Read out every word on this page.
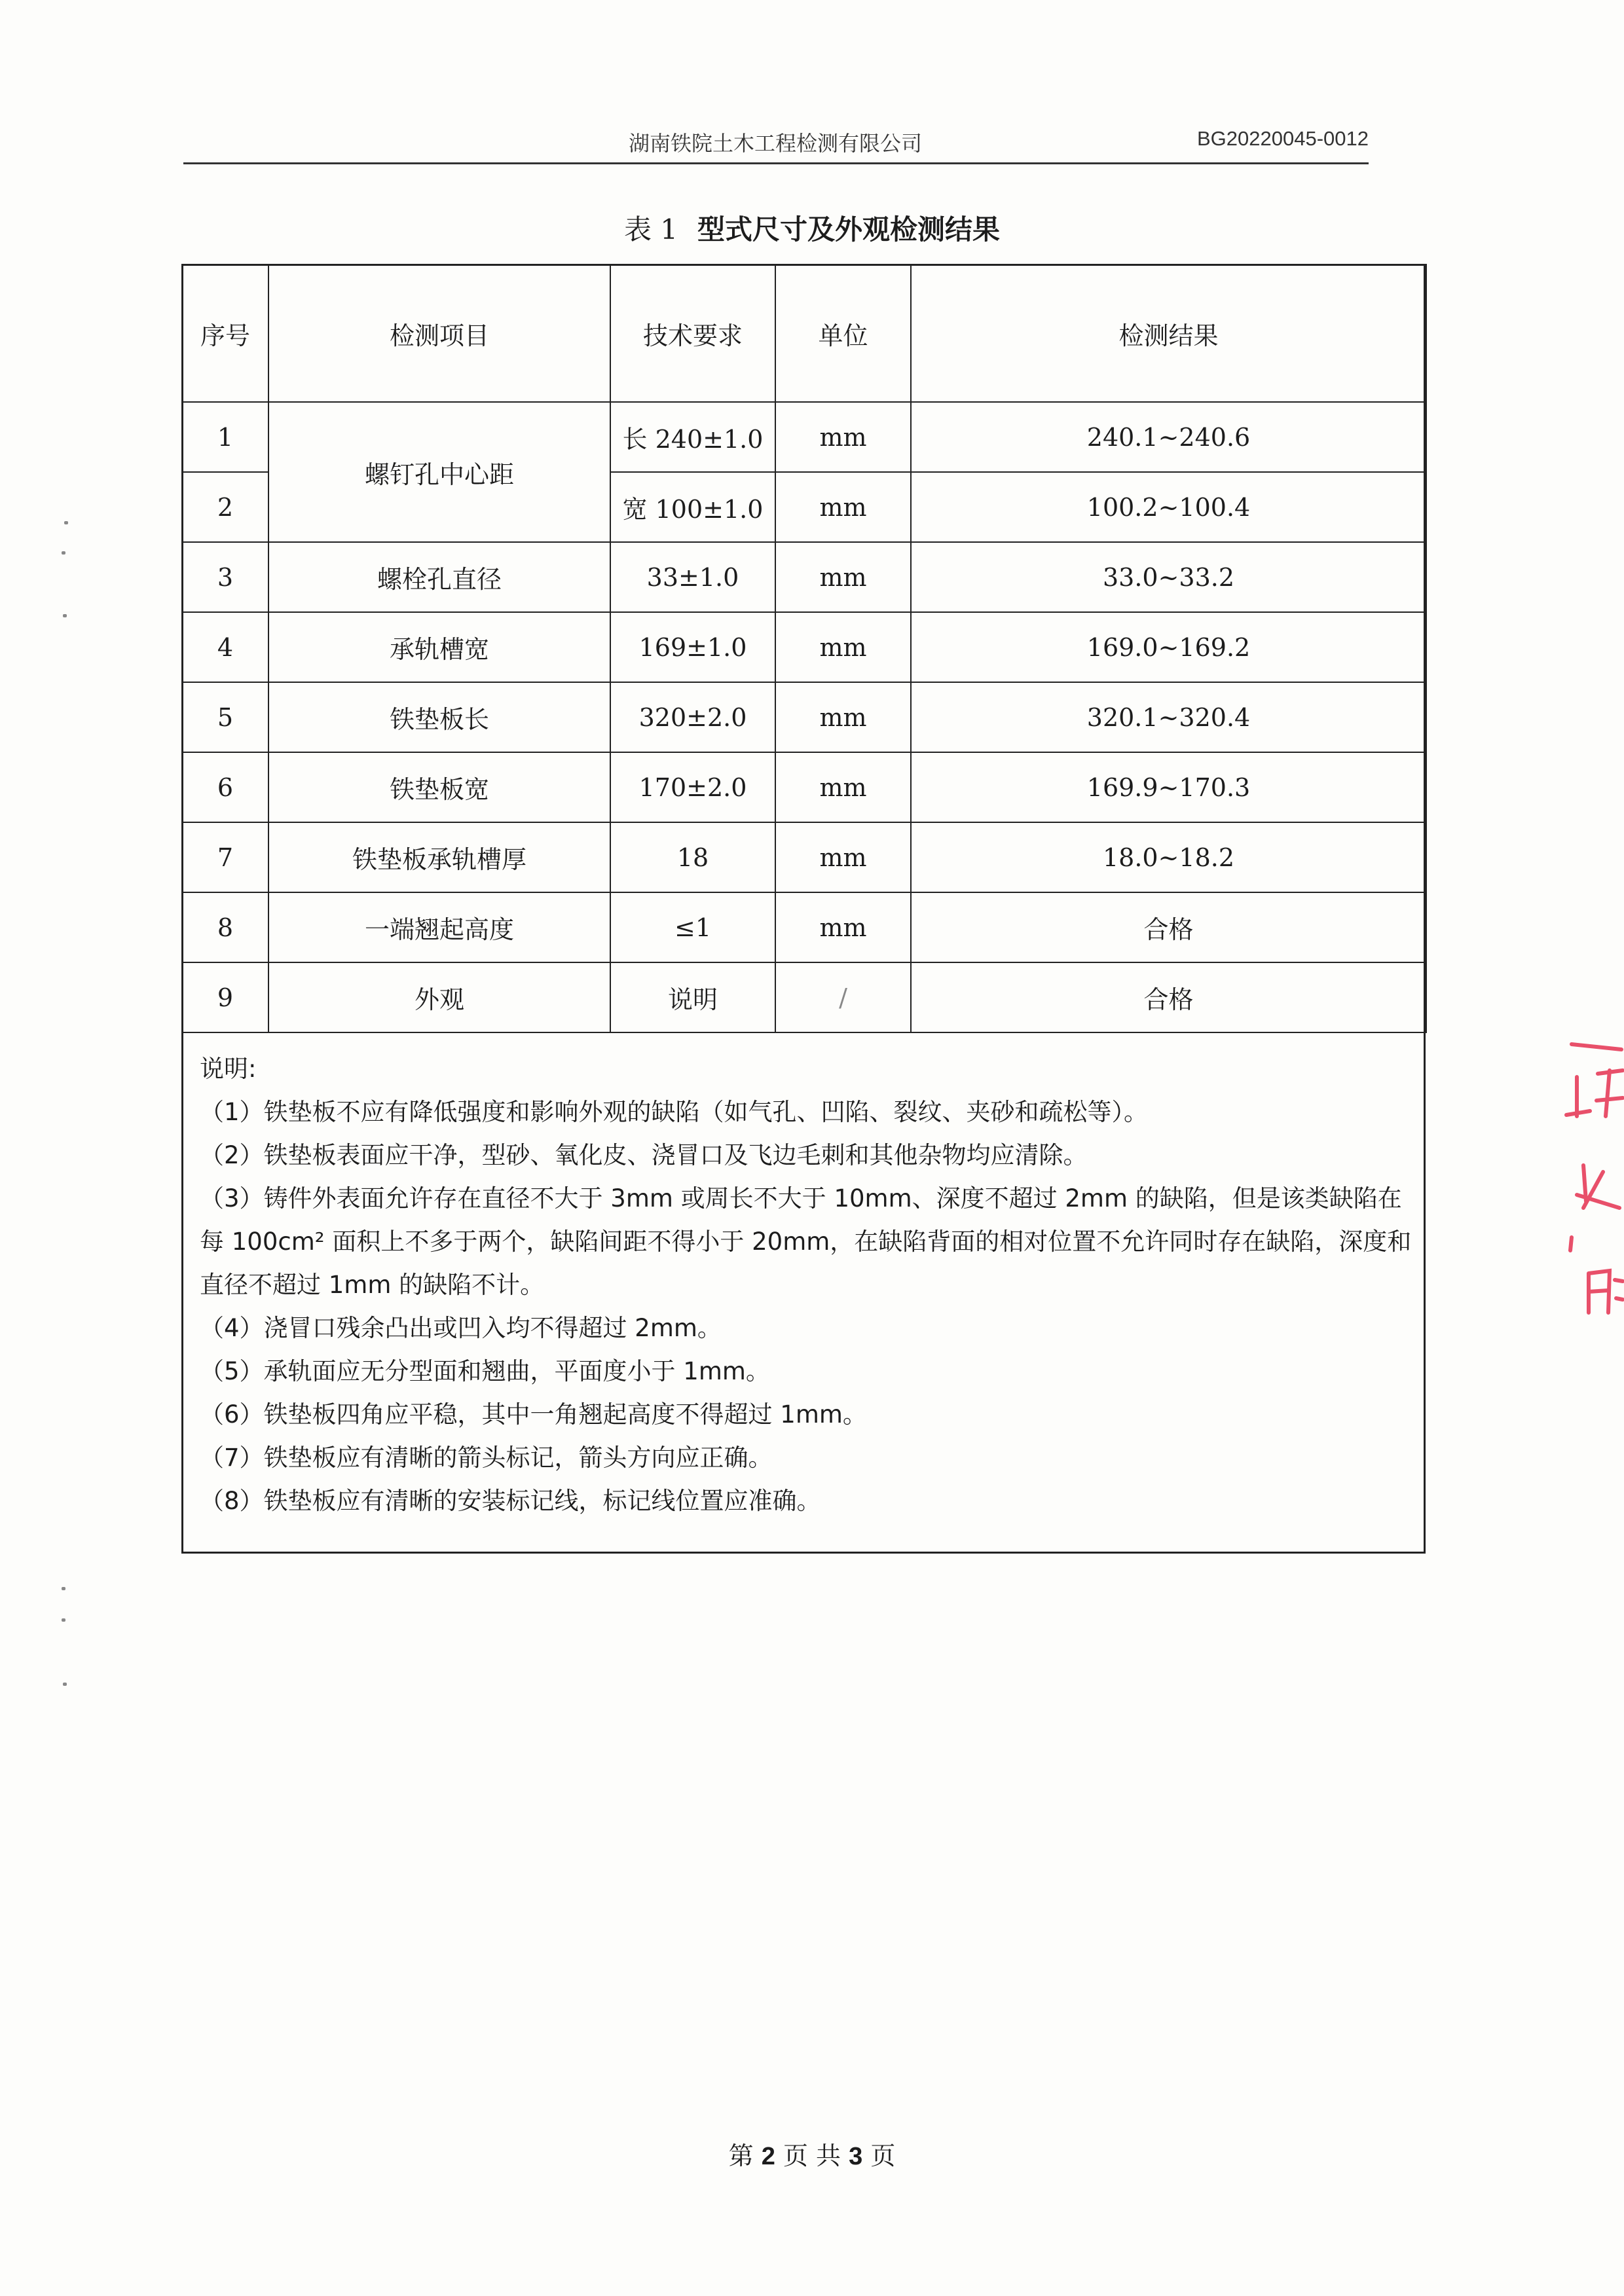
湖南铁院土木工程检测有限公司	BG20220045-0012
表 1 型式尺寸及外观检测结果
序号	检测项目	技术要求	单位	检测结果
1	螺钉孔中心距	长 240±1.0	mm	240.1~240.6
2		宽 100±1.0	mm	100.2~100.4
3	螺栓孔直径	33±1.0	mm	33.0~33.2
4	承轨槽宽	169±1.0	mm	169.0~169.2
5	铁垫板长	320±2.0	mm	320.1~320.4
6	铁垫板宽	170±2.0	mm	169.9~170.3
7	铁垫板承轨槽厚	18	mm	18.0~18.2
8	一端翘起高度	≤1	mm	合格
9	外观	说明	/	合格
说明:
（1）铁垫板不应有降低强度和影响外观的缺陷（如气孔、凹陷、裂纹、夹砂和疏松等）。
（2）铁垫板表面应干净，型砂、氧化皮、浇冒口及飞边毛刺和其他杂物均应清除。
（3）铸件外表面允许存在直径不大于 3mm 或周长不大于 10mm、深度不超过 2mm 的缺陷，但是该类缺陷在每 100cm² 面积上不多于两个，缺陷间距不得小于 20mm，在缺陷背面的相对位置不允许同时存在缺陷，深度和直径不超过 1mm 的缺陷不计。
（4）浇冒口残余凸出或凹入均不得超过 2mm。
（5）承轨面应无分型面和翘曲，平面度小于 1mm。
（6）铁垫板四角应平稳，其中一角翘起高度不得超过 1mm。
（7）铁垫板应有清晰的箭头标记，箭头方向应正确。
（8）铁垫板应有清晰的安装标记线，标记线位置应准确。
第 2 页 共 3 页
